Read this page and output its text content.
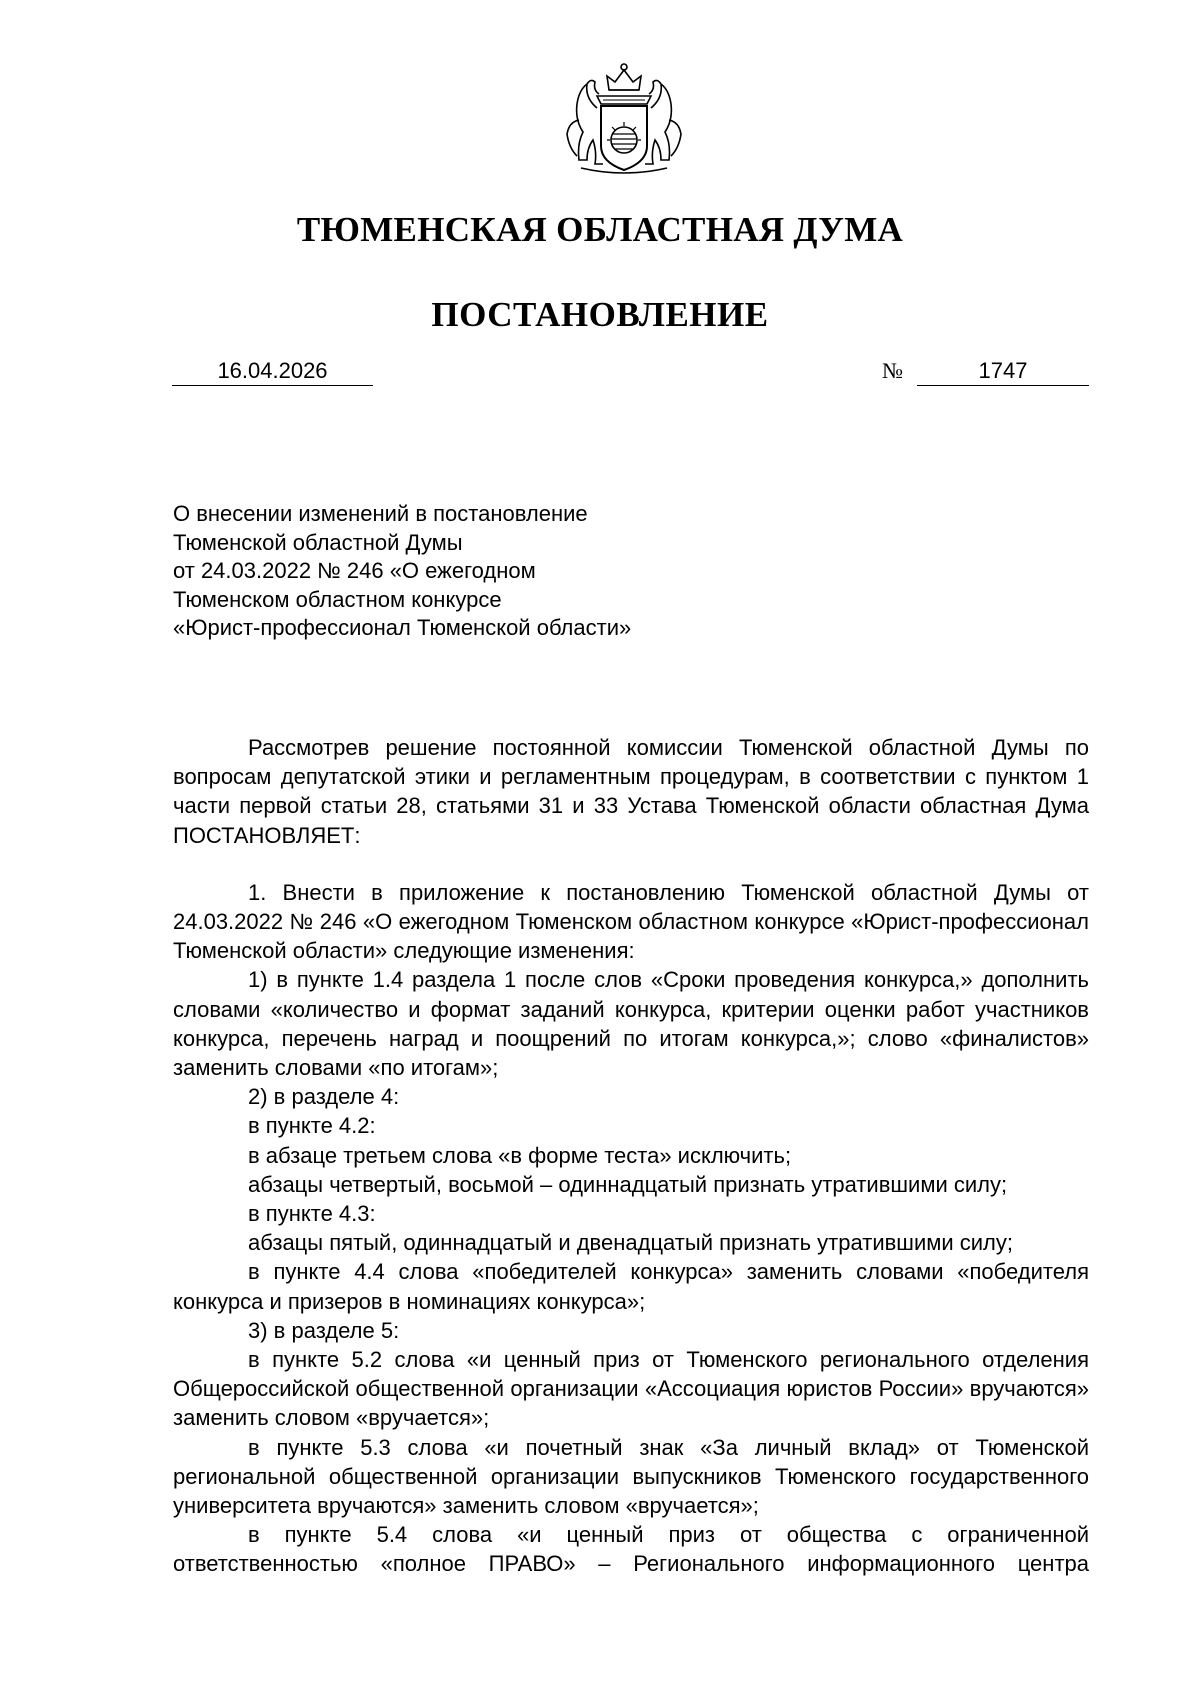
ТЮМЕНСКАЯ ОБЛАСТНАЯ ДУМА
ПОСТАНОВЛЕНИЕ
16.04.2026	№	1747
О внесении изменений в постановление
Тюменской областной Думы
от 24.03.2022 № 246 «О ежегодном
Тюменском областном конкурсе
«Юрист-профессионал Тюменской области»

Рассмотрев решение постоянной комиссии Тюменской областной Думы по вопросам депутатской этики и регламентным процедурам, в соответствии с пунктом 1 части первой статьи 28, статьями 31 и 33 Устава Тюменской области областная Дума ПОСТАНОВЛЯЕТ:

1. Внести в приложение к постановлению Тюменской областной Думы от 24.03.2022 № 246 «О ежегодном Тюменском областном конкурсе «Юрист-профессионал Тюменской области» следующие изменения:

1) в пункте 1.4 раздела 1 после слов «Сроки проведения конкурса,» дополнить словами «количество и формат заданий конкурса, критерии оценки работ участников конкурса, перечень наград и поощрений по итогам конкурса,»; слово «финалистов» заменить словами «по итогам»;

2) в разделе 4:

в пункте 4.2:

в абзаце третьем слова «в форме теста» исключить;

абзацы четвертый, восьмой – одиннадцатый признать утратившими силу;

в пункте 4.3:

абзацы пятый, одиннадцатый и двенадцатый признать утратившими силу;

в пункте 4.4 слова «победителей конкурса» заменить словами «победителя конкурса и призеров в номинациях конкурса»;

3) в разделе 5:

в пункте 5.2 слова «и ценный приз от Тюменского регионального отделения Общероссийской общественной организации «Ассоциация юристов России» вручаются» заменить словом «вручается»;

в пункте 5.3 слова «и почетный знак «За личный вклад» от Тюменской региональной общественной организации выпускников Тюменского государственного университета вручаются» заменить словом «вручается»;

в пункте 5.4 слова «и ценный приз от общества с ограниченной ответственностью «полное ПРАВО» – Регионального информационного центра
